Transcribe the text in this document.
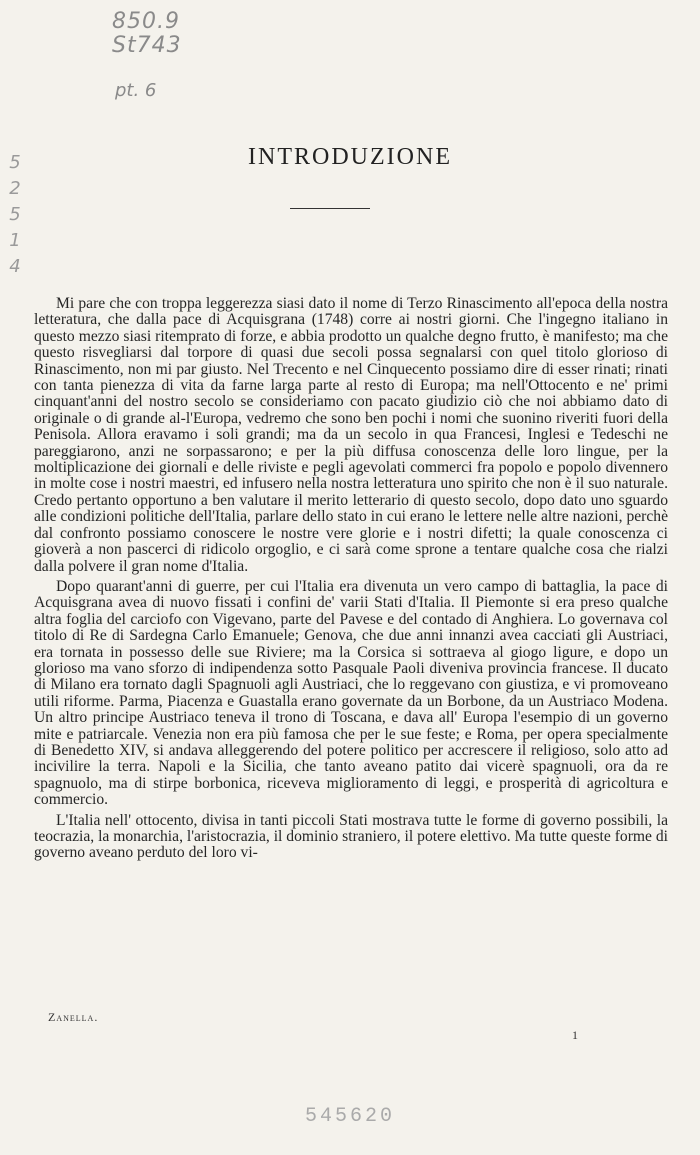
850.9
St743
pt. 6
5
2
5
1
4
INTRODUZIONE

Mi pare che con troppa leggerezza siasi dato il nome di Terzo Rinascimento all'epoca della nostra letteratura, che dalla pace di Acquisgrana (1748) corre ai nostri giorni. Che l'ingegno italiano in questo mezzo siasi ritemprato di forze, e abbia prodotto un qualche degno frutto, è manifesto; ma che questo risvegliarsi dal torpore di quasi due secoli possa segnalarsi con quel titolo glorioso di Rinascimento, non mi par giusto. Nel Trecento e nel Cinquecento possiamo dire di esser rinati; rinati con tanta pienezza di vita da farne larga parte al resto di Europa; ma nell'Ottocento e ne' primi cinquant'anni del nostro secolo se consideriamo con pacato giudizio ciò che noi abbiamo dato di originale o di grande al-l'Europa, vedremo che sono ben pochi i nomi che suonino riveriti fuori della Penisola. Allora eravamo i soli grandi; ma da un secolo in qua Francesi, Inglesi e Tedeschi ne pareggiarono, anzi ne sorpassarono; e per la più diffusa conoscenza delle loro lingue, per la moltiplicazione dei giornali e delle riviste e pegli agevolati commerci fra popolo e popolo divennero in molte cose i nostri maestri, ed infusero nella nostra letteratura uno spirito che non è il suo naturale. Credo pertanto opportuno a ben valutare il merito letterario di questo secolo, dopo dato uno sguardo alle condizioni politiche dell'Italia, parlare dello stato in cui erano le lettere nelle altre nazioni, perchè dal confronto possiamo conoscere le nostre vere glorie e i nostri difetti; la quale conoscenza ci gioverà a non pascerci di ridicolo orgoglio, e ci sarà come sprone a tentare qualche cosa che rialzi dalla polvere il gran nome d'Italia.

Dopo quarant'anni di guerre, per cui l'Italia era divenuta un vero campo di battaglia, la pace di Acquisgrana avea di nuovo fissati i confini de' varii Stati d'Italia. Il Piemonte si era preso qualche altra foglia del carciofo con Vigevano, parte del Pavese e del contado di Anghiera. Lo governava col titolo di Re di Sardegna Carlo Emanuele; Genova, che due anni innanzi avea cacciati gli Austriaci, era tornata in possesso delle sue Riviere; ma la Corsica si sottraeva al giogo ligure, e dopo un glorioso ma vano sforzo di indipendenza sotto Pasquale Paoli diveniva provincia francese. Il ducato di Milano era tornato dagli Spagnuoli agli Austriaci, che lo reggevano con giustiza, e vi promoveano utili riforme. Parma, Piacenza e Guastalla erano governate da un Borbone, da un Austriaco Modena. Un altro principe Austriaco teneva il trono di Toscana, e dava all' Europa l'esempio di un governo mite e patriarcale. Venezia non era più famosa che per le sue feste; e Roma, per opera specialmente di Benedetto XIV, si andava alleggerendo del potere politico per accrescere il religioso, solo atto ad incivilire la terra. Napoli e la Sicilia, che tanto aveano patito dai vicerè spagnuoli, ora da re spagnuolo, ma di stirpe borbonica, riceveva miglioramento di leggi, e prosperità di agricoltura e commercio.

L'Italia nell' ottocento, divisa in tanti piccoli Stati mostrava tutte le forme di governo possibili, la teocrazia, la monarchia, l'aristocrazia, il dominio straniero, il potere elettivo. Ma tutte queste forme di governo aveano perduto del loro vi-

Zanella.
1
545620
